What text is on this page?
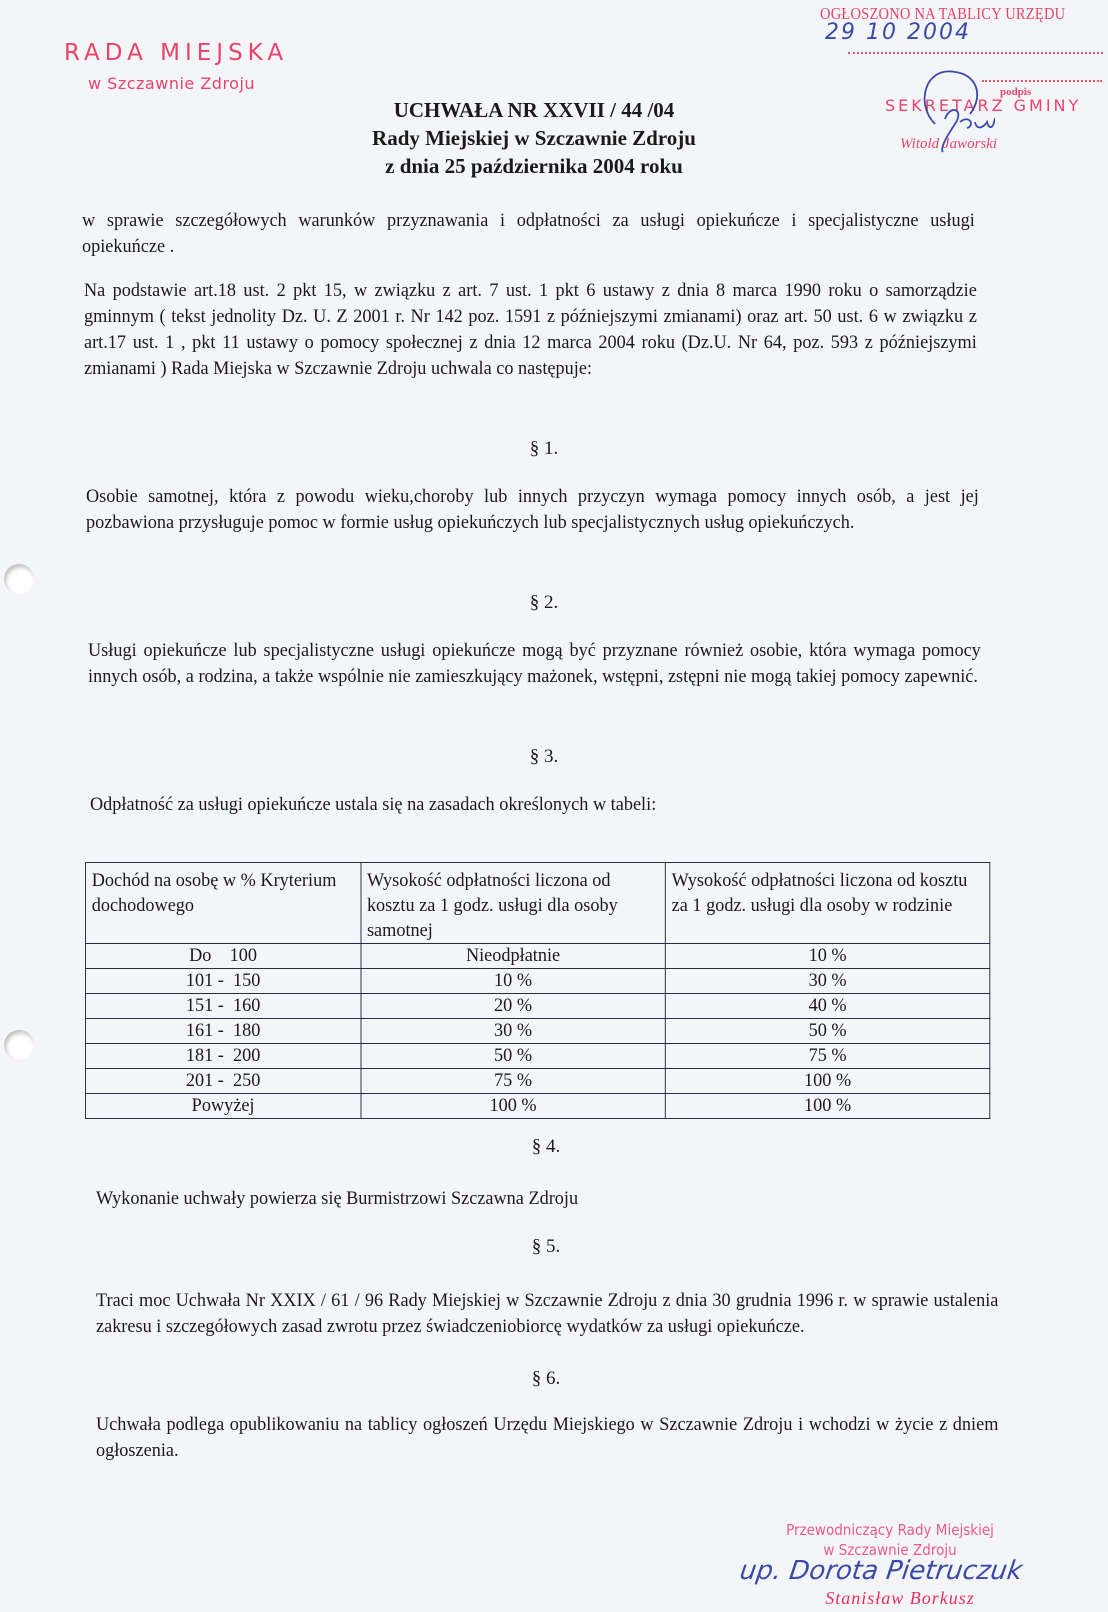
RADA MIEJSKA
w Szczawnie Zdroju
OGŁOSZONO NA TABLICY URZĘDU
29 10 2004
podpis
SEKRETARZ GMINY
Witold Jaworski
UCHWAŁA NR XXVII / 44 /04
Rady Miejskiej w Szczawnie Zdroju
z dnia 25 października 2004 roku
w sprawie szczegółowych warunków przyznawania i odpłatności za usługi opiekuńcze i specjalistyczne usługi opiekuńcze .
Na podstawie art.18 ust. 2 pkt 15, w związku z art. 7 ust. 1 pkt 6 ustawy z dnia 8 marca 1990 roku o samorządzie gminnym ( tekst jednolity Dz. U. Z 2001 r. Nr 142 poz. 1591 z późniejszymi zmianami) oraz art. 50 ust. 6 w związku z art.17 ust. 1 , pkt 11 ustawy o pomocy społecznej z dnia 12 marca 2004 roku (Dz.U. Nr 64, poz. 593 z późniejszymi zmianami ) Rada Miejska w Szczawnie Zdroju uchwala co następuje:
§ 1.
Osobie samotnej, która z powodu wieku,choroby lub innych przyczyn wymaga pomocy innych osób, a jest jej pozbawiona przysługuje pomoc w formie usług opiekuńczych lub specjalistycznych usług opiekuńczych.
§ 2.
Usługi opiekuńcze lub specjalistyczne usługi opiekuńcze mogą być przyznane również osobie, która wymaga pomocy innych osób, a rodzina, a także wspólnie nie zamieszkujący mażonek, wstępni, zstępni nie mogą takiej pomocy zapewnić.
§ 3.
Odpłatność za usługi opiekuńcze ustala się na zasadach określonych w tabeli:
Dochód na osobę w % Kryterium dochodowego	Wysokość odpłatności liczona od kosztu za 1 godz. usługi dla osoby samotnej	Wysokość odpłatności liczona od kosztu za 1 godz. usługi dla osoby w rodzinie
Do    100	Nieodpłatnie	10 %
101 -  150	10 %	30 %
151 -  160	20 %	40 %
161 -  180	30 %	50 %
181 -  200	50 %	75 %
201 -  250	75 %	100 %
Powyżej	100 %	100 %
§ 4.
Wykonanie uchwały powierza się Burmistrzowi Szczawna Zdroju
§ 5.
Traci moc Uchwała Nr XXIX / 61 / 96 Rady Miejskiej w Szczawnie Zdroju z dnia 30 grudnia 1996 r. w sprawie ustalenia zakresu i szczegółowych zasad zwrotu przez świadczeniobiorcę wydatków za usługi opiekuńcze.
§ 6.
Uchwała podlega opublikowaniu na tablicy ogłoszeń Urzędu Miejskiego w Szczawnie Zdroju i wchodzi w życie z dniem ogłoszenia.
Przewodniczący Rady Miejskiej
w Szczawnie Zdroju
up. Dorota Pietruczuk
Stanisław Borkusz
